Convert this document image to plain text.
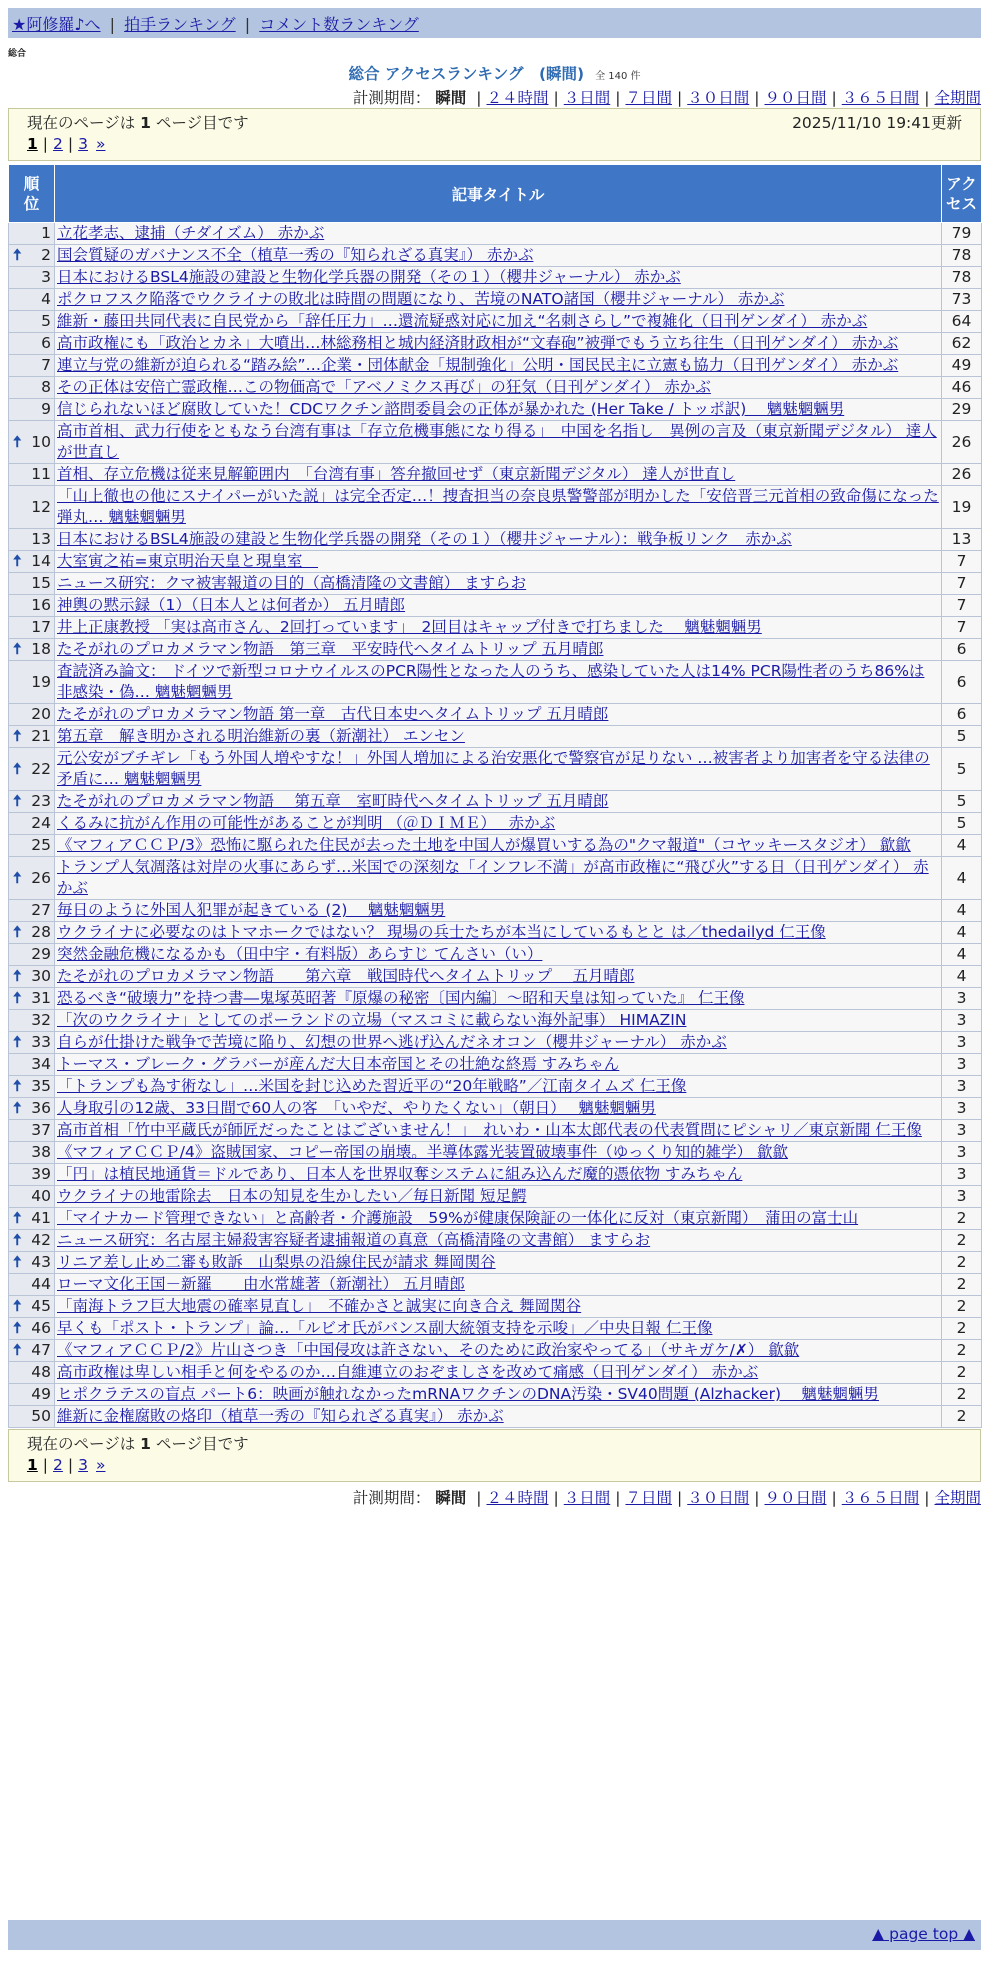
★阿修羅♪へ | 拍手ランキング | コメント数ランキング
総合
総合 アクセスランキング　(瞬間) 全 140 件
計測期間： 瞬間 | ２４時間 | ３日間 | ７日間 | ３０日間 | ９０日間 | ３６５日間 | 全期間
現在のページは 1 ページ目です	2025/11/10 19:41更新
1 | 2 | 3 »
順位	記事タイトル	アクセス
1	立花孝志、逮捕（チダイズム） 赤かぶ	79

🠅 2	国会質疑のガバナンス不全（植草一秀の『知られざる真実』） 赤かぶ	78
3	日本におけるBSL4施設の建設と生物化学兵器の開発（その１）（櫻井ジャーナル） 赤かぶ	78
4	ポクロフスク陥落でウクライナの敗北は時間の問題になり、苦境のNATO諸国（櫻井ジャーナル） 赤かぶ	73
5	維新・藤田共同代表に自民党から「辞任圧力」…還流疑惑対応に加え“名刺さらし”で複雑化（日刊ゲンダイ） 赤かぶ	64
6	高市政権にも「政治とカネ」大噴出…林総務相と城内経済財政相が“文春砲”被弾でもう立ち往生（日刊ゲンダイ） 赤かぶ	62
7	連立与党の維新が迫られる“踏み絵”…企業・団体献金「規制強化」公明・国民民主に立憲も協力（日刊ゲンダイ） 赤かぶ	49
8	その正体は安倍亡霊政権…この物価高で「アベノミクス再び」の狂気（日刊ゲンダイ） 赤かぶ	46
9	信じられないほど腐敗していた！CDCワクチン諮問委員会の正体が暴かれた (Her Take / トッポ訳)　 魑魅魍魎男	29

🠅 10	高市首相、武力行使をともなう台湾有事は「存立危機事態になり得る」　中国を名指し　異例の言及（東京新聞デジタル） 達人が世直し	26
11	首相、存立危機は従来見解範囲内　「台湾有事」答弁撤回せず（東京新聞デジタル） 達人が世直し	26
12	「山上徹也の他にスナイパーがいた説」は完全否定…！捜査担当の奈良県警警部が明かした「安倍晋三元首相の致命傷になった弾丸… 魑魅魍魎男	19
13	日本におけるBSL4施設の建設と生物化学兵器の開発（その１）（櫻井ジャーナル）：戦争板リンク　赤かぶ	13

🠅 14	大室寅之祐=東京明治天皇と現皇室　	7
15	ニュース研究：クマ被害報道の目的（高橋清隆の文書館） ますらお	7
16	神輿の黙示録（1）（日本人とは何者か） 五月晴郎	7
17	井上正康教授 「実は高市さん、2回打っています」　2回目はキャップ付きで打ちました　 魑魅魍魎男	7

🠅 18	たそがれのプロカメラマン物語　第三章　平安時代へタイムトリップ 五月晴郎	6
19	査読済み論文： ドイツで新型コロナウイルスのPCR陽性となった人のうち、感染していた人は14% PCR陽性者のうち86%は非感染・偽… 魑魅魍魎男	6
20	たそがれのプロカメラマン物語 第一章　古代日本史へタイムトリップ 五月晴郎	6

🠅 21	第五章　解き明かされる明治維新の裏（新潮社） エンセン	5

🠅 22	元公安がブチギレ「もう外国人増やすな！」外国人増加による治安悪化で警察官が足りない …被害者より加害者を守る法律の矛盾に… 魑魅魍魎男	5

🠅 23	たそがれのプロカメラマン物語　 第五章　室町時代へタイムトリップ 五月晴郎	5
24	くるみに抗がん作用の可能性があることが判明 （＠ＤＩＭＥ）　 赤かぶ	5
25	《マフィアＣＣＰ/3》恐怖に駆られた住民が去った土地を中国人が爆買いする為の"クマ報道"（コヤッキースタジオ） 歙歙	4

🠅 26	トランプ人気凋落は対岸の火事にあらず…米国での深刻な「インフレ不満」が高市政権に“飛び火”する日（日刊ゲンダイ） 赤かぶ	4
27	毎日のように外国人犯罪が起きている (2)　 魑魅魍魎男	4

🠅 28	ウクライナに必要なのはトマホークではない？ 現場の兵士たちが本当にしているもとと は／thedailyd 仁王像	4
29	突然金融危機になるかも（田中宇・有料版）あらすじ てんさい（い）	4

🠅 30	たそがれのプロカメラマン物語　　第六章　戦国時代へタイムトリップ　 五月晴郎	4

🠅 31	恐るべき“破壊力”を持つ書―鬼塚英昭著『原爆の秘密〔国内編〕～昭和天皇は知っていた』 仁王像	3
32	「次のウクライナ」としてのポーランドの立場（マスコミに載らない海外記事） HIMAZIN	3

🠅 33	自らが仕掛けた戦争で苦境に陥り、幻想の世界へ逃げ込んだネオコン（櫻井ジャーナル） 赤かぶ	3
34	トーマス・ブレーク・グラバーが産んだ大日本帝国とその壮絶な終焉 すみちゃん	3

🠅 35	「トランプも為す術なし」…米国を封じ込めた習近平の“20年戦略”／江南タイムズ 仁王像	3

🠅 36	人身取引の12歳、33日間で60人の客　「いやだ、やりたくない」（朝日）　 魑魅魍魎男	3
37	高市首相「竹中平蔵氏が師匠だったことはございません！」　れいわ・山本太郎代表の代表質問にピシャリ／東京新聞 仁王像	3
38	《マフィアＣＣＰ/4》盗賊国家、コピー帝国の崩壊。半導体露光装置破壊事件（ゆっくり知的雑学） 歙歙	3
39	「円」は植民地通貨＝ドルであり、日本人を世界収奪システムに組み込んだ魔的憑依物 すみちゃん	3
40	ウクライナの地雷除去　日本の知見を生かしたい／毎日新聞 短足鰐	3

🠅 41	「マイナカード管理できない」と高齢者・介護施設　59%が健康保険証の一体化に反対（東京新聞）　蒲田の富士山	2

🠅 42	ニュース研究：名古屋主婦殺害容疑者逮捕報道の真意（高橋清隆の文書館） ますらお	2

🠅 43	リニア差し止め二審も敗訴　山梨県の沿線住民が請求 舞岡関谷	2
44	ローマ文化王国－新羅　　由水常雄著（新潮社） 五月晴郎	2

🠅 45	「南海トラフ巨大地震の確率見直し」　不確かさと誠実に向き合え 舞岡関谷	2

🠅 46	早くも「ポスト・トランプ」論…「ルビオ氏がバンス副大統領支持を示唆」／中央日報 仁王像	2

🠅 47	《マフィアＣＣＰ/2》片山さつき「中国侵攻は許さない、そのために政治家やってる」（サキガケ/✗） 歙歙	2
48	高市政権は卑しい相手と何をやるのか…自維連立のおぞましさを改めて痛感（日刊ゲンダイ） 赤かぶ	2
49	ヒポクラテスの盲点 パート6：映画が触れなかったmRNAワクチンのDNA汚染・SV40問題 (Alzhacker)　 魑魅魍魎男	2
50	維新に金権腐敗の烙印（植草一秀の『知られざる真実』） 赤かぶ	2
現在のページは 1 ページ目です
1 | 2 | 3 »
計測期間： 瞬間 | ２４時間 | ３日間 | ７日間 | ３０日間 | ９０日間 | ３６５日間 | 全期間
▲ page top ▲
